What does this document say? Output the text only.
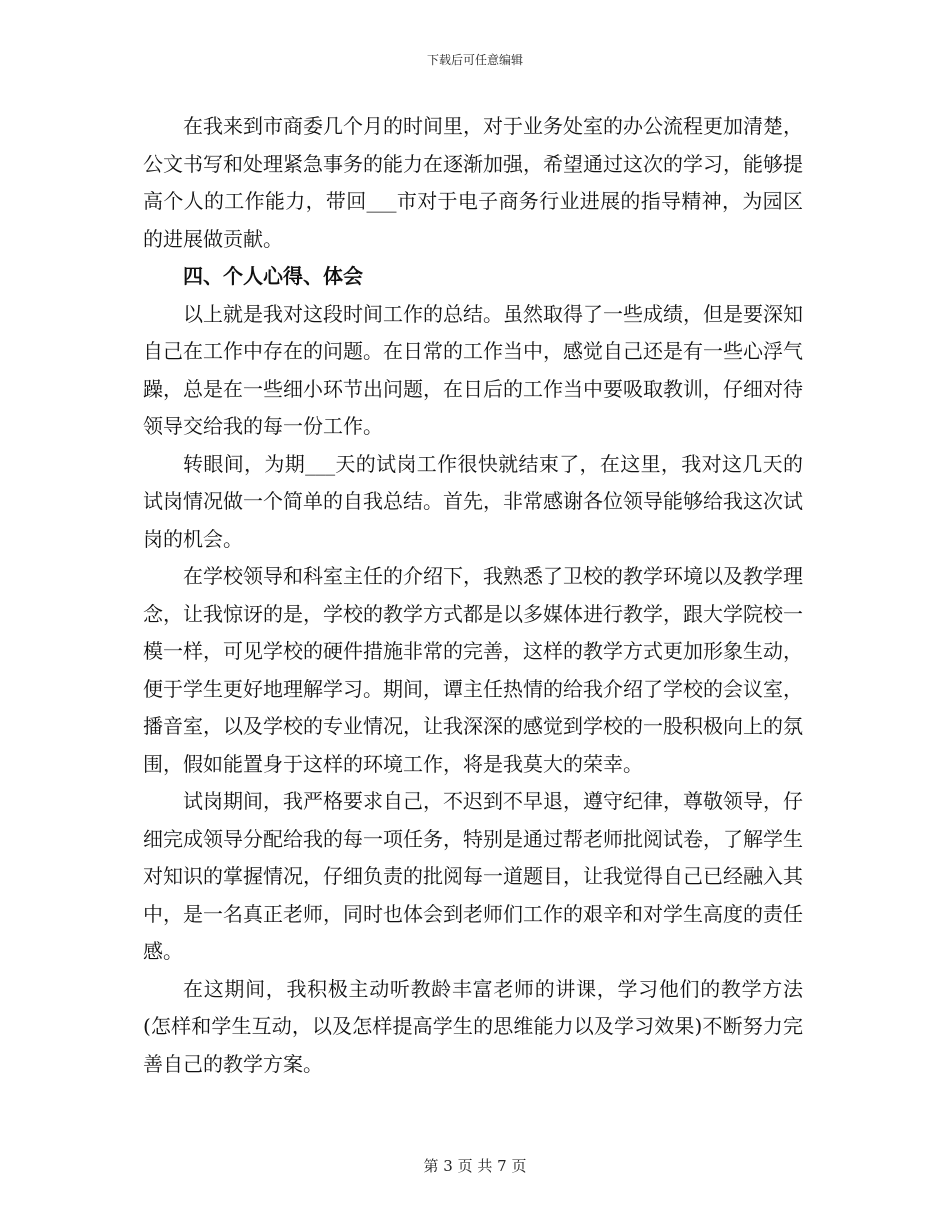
下载后可任意编辑

在我来到市商委几个月的时间里，对于业务处室的办公流程更加清楚，公文书写和处理紧急事务的能力在逐渐加强，希望通过这次的学习，能够提高个人的工作能力，带回___市对于电子商务行业进展的指导精神，为园区的进展做贡献。

四、个人心得、体会

以上就是我对这段时间工作的总结。虽然取得了一些成绩，但是要深知自己在工作中存在的问题。在日常的工作当中，感觉自己还是有一些心浮气躁，总是在一些细小环节出问题，在日后的工作当中要吸取教训，仔细对待领导交给我的每一份工作。

转眼间，为期___天的试岗工作很快就结束了，在这里，我对这几天的试岗情况做一个简单的自我总结。首先，非常感谢各位领导能够给我这次试岗的机会。

在学校领导和科室主任的介绍下，我熟悉了卫校的教学环境以及教学理念，让我惊讶的是，学校的教学方式都是以多媒体进行教学，跟大学院校一模一样，可见学校的硬件措施非常的完善，这样的教学方式更加形象生动，便于学生更好地理解学习。期间，谭主任热情的给我介绍了学校的会议室，播音室，以及学校的专业情况，让我深深的感觉到学校的一股积极向上的氛围，假如能置身于这样的环境工作，将是我莫大的荣幸。

试岗期间，我严格要求自己，不迟到不早退，遵守纪律，尊敬领导，仔细完成领导分配给我的每一项任务，特别是通过帮老师批阅试卷，了解学生对知识的掌握情况，仔细负责的批阅每一道题目，让我觉得自己已经融入其中，是一名真正老师，同时也体会到老师们工作的艰辛和对学生高度的责任感。

在这期间，我积极主动听教龄丰富老师的讲课，学习他们的教学方法(怎样和学生互动，以及怎样提高学生的思维能力以及学习效果)不断努力完善自己的教学方案。

第 3 页 共 7 页
